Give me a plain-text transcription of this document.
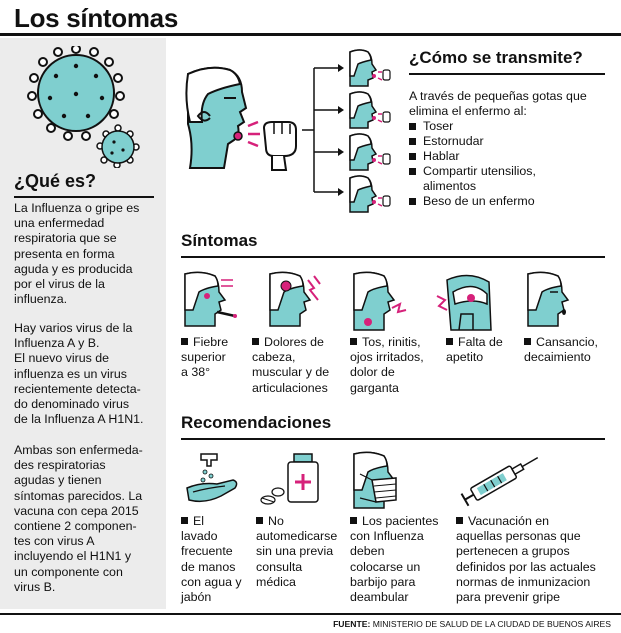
Los síntomas
¿Qué es?
La Influenza o gripe es
una enfermedad
respiratoria que se
presenta en forma
aguda y es producida
por el virus de la
influenza.
Hay varios virus de la
Influenza A y B.
El nuevo virus de
influenza es un virus
recientemente detecta-
do denominado virus
de la Influenza A H1N1.
Ambas son enfermeda-
des respiratorias
agudas y tienen
síntomas parecidos. La
vacuna con cepa 2015
contiene 2 componen-
tes con virus A
incluyendo el H1N1 y
un componente con
virus B.
¿Cómo se transmite?
A través de pequeñas gotas que
elimina el enfermo al:
Toser
Estornudar
Hablar
Compartir utensilios,
alimentos
Beso de un enfermo
Síntomas
Fiebre
superior
a 38°
Dolores de
cabeza,
muscular y de
articulaciones
Tos, rinitis,
ojos irritados,
dolor de
garganta
Falta de
apetito
Cansancio,
decaimiento
Recomendaciones
El
lavado
frecuente
de manos
con agua y
jabón
No
automedicarse
sin una previa
consulta
médica
Los pacientes
con Influenza
deben
colocarse un
barbijo para
deambular
Vacunación en
aquellas personas que
pertenecen a grupos
definidos por las actuales
normas de inmunizacion
para prevenir gripe
FUENTE: MINISTERIO DE SALUD DE LA CIUDAD DE BUENOS AIRES
